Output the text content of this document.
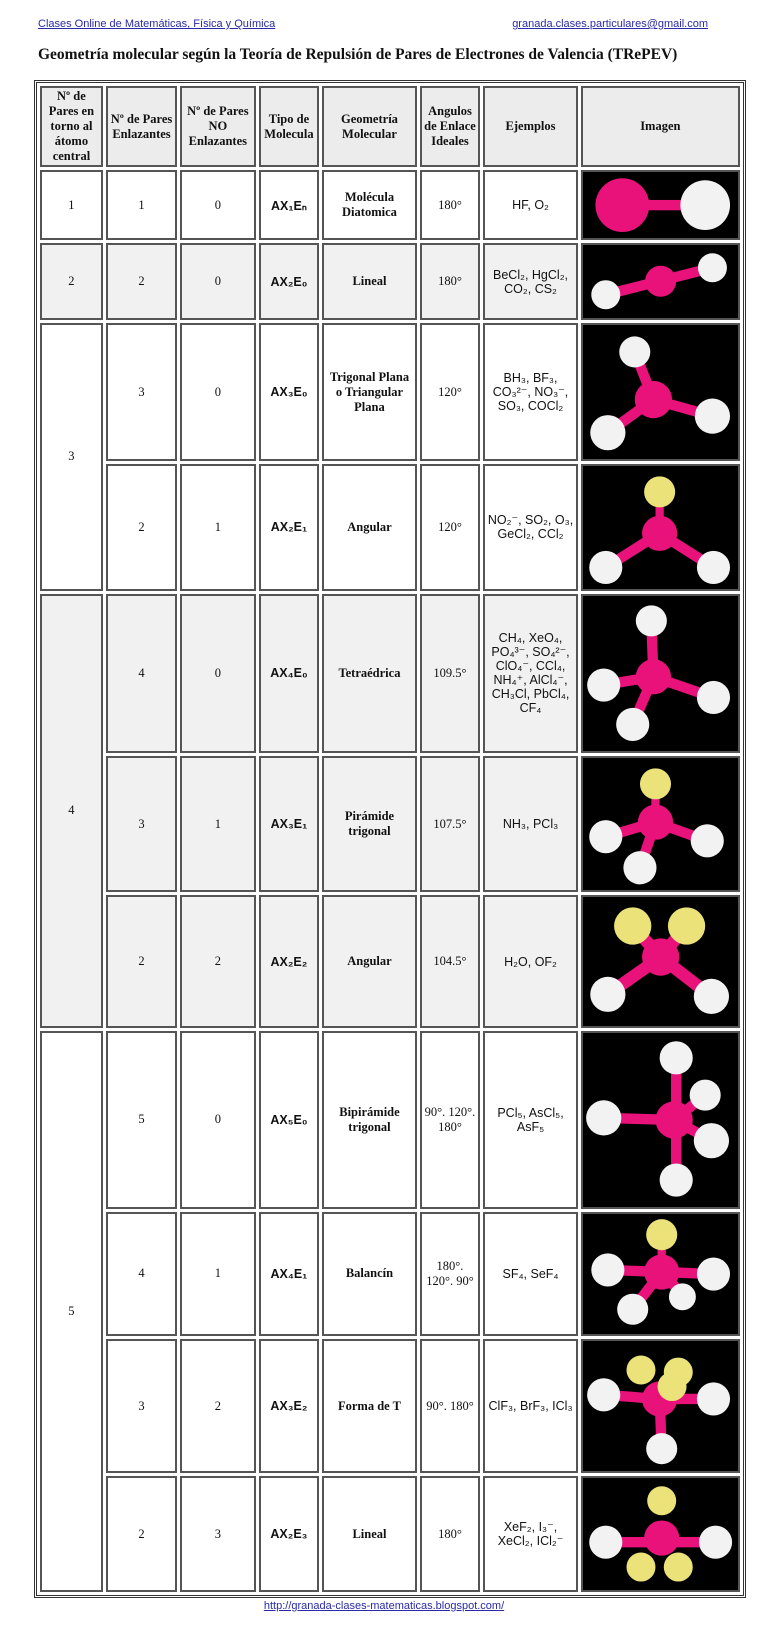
Clases Online de Matemáticas, Física y Química	granada.clases.particulares@gmail.com
Geometría molecular según la Teoría de Repulsión de Pares de Electrones de Valencia (TRePEV)
Nº de Pares en torno al átomo central	Nº de Pares Enlazantes	Nº de Pares NO Enlazantes	Tipo de Molecula	Geometría Molecular	Angulos de Enlace Ideales	Ejemplos	Imagen
1	1	0	AX₁Eₙ	Molécula Diatomica	180°	HF, O₂	

2	2	0	AX₂E₀	Lineal	180°	BeCl₂, HgCl₂, CO₂, CS₂	

3	3	0	AX₃E₀	Trigonal Plana o Triangular Plana	120°	BH₃, BF₃, CO₃²⁻, NO₃⁻, SO₃, COCl₂	

	2	1	AX₂E₁	Angular	120°	NO₂⁻, SO₂, O₃, GeCl₂, CCl₂	

4	4	0	AX₄E₀	Tetraédrica	109.5°	CH₄, XeO₄, PO₄³⁻, SO₄²⁻, ClO₄⁻, CCl₄, NH₄⁺, AlCl₄⁻, CH₃Cl, PbCl₄, CF₄	

	3	1	AX₃E₁	Pirámide trigonal	107.5°	NH₃, PCl₃	

	2	2	AX₂E₂	Angular	104.5°	H₂O, OF₂	

5	5	0	AX₅E₀	Bipirámide trigonal	90°. 120°. 180°	PCl₅, AsCl₅, AsF₅	

	4	1	AX₄E₁	Balancín	180°. 120°. 90°	SF₄, SeF₄	

	3	2	AX₃E₂	Forma de T	90°. 180°	ClF₃, BrF₃, ICl₃	

	2	3	AX₂E₃	Lineal	180°	XeF₂, I₃⁻, XeCl₂, ICl₂⁻	
http://granada-clases-matematicas.blogspot.com/
